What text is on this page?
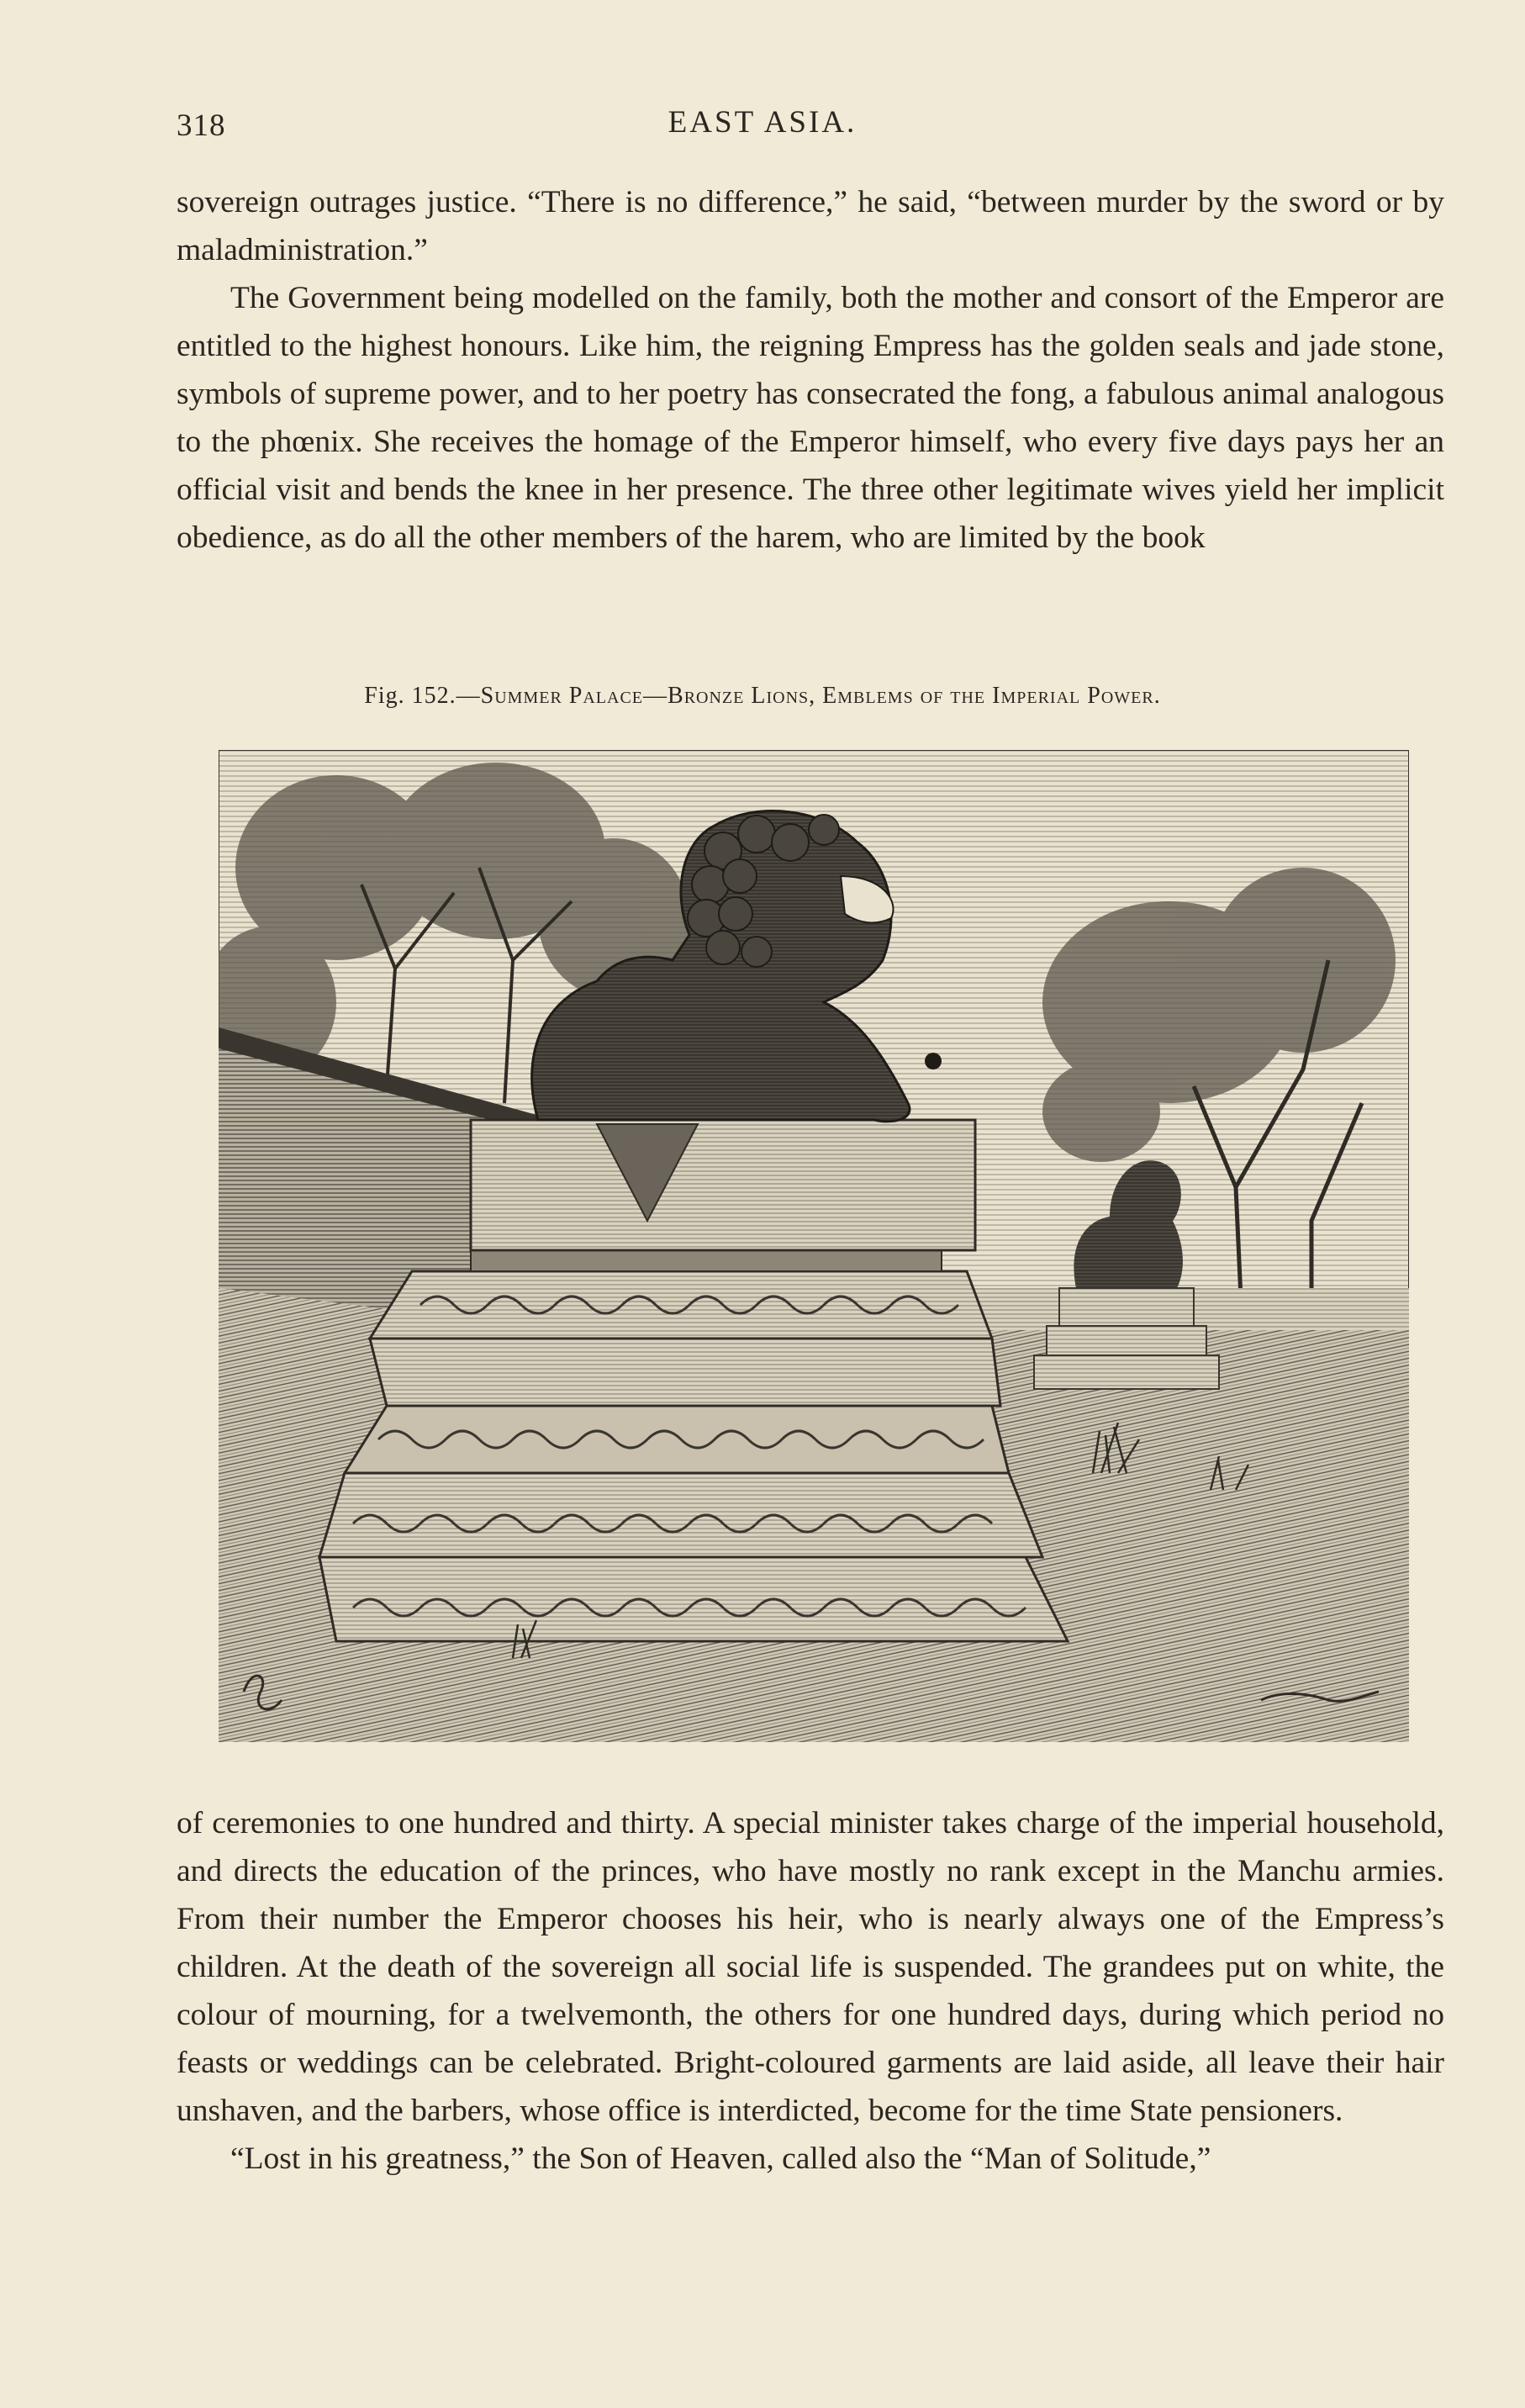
318	EAST ASIA.

sovereign outrages justice. “There is no difference,” he said, “between murder by the sword or by maladministration.”

The Government being modelled on the family, both the mother and consort of the Emperor are entitled to the highest honours. Like him, the reigning Empress has the golden seals and jade stone, symbols of supreme power, and to her poetry has consecrated the fong, a fabulous animal analogous to the phœnix. She receives the homage of the Emperor himself, who every five days pays her an official visit and bends the knee in her presence. The three other legitimate wives yield her implicit obedience, as do all the other members of the harem, who are limited by the book

Fig. 152.—Summer Palace—Bronze Lions, Emblems of the Imperial Power.

of ceremonies to one hundred and thirty. A special minister takes charge of the imperial household, and directs the education of the princes, who have mostly no rank except in the Manchu armies. From their number the Emperor chooses his heir, who is nearly always one of the Empress’s children. At the death of the sovereign all social life is suspended. The grandees put on white, the colour of mourning, for a twelvemonth, the others for one hundred days, during which period no feasts or weddings can be celebrated. Bright-coloured garments are laid aside, all leave their hair unshaven, and the barbers, whose office is interdicted, become for the time State pensioners.

“Lost in his greatness,” the Son of Heaven, called also the “Man of Solitude,”
